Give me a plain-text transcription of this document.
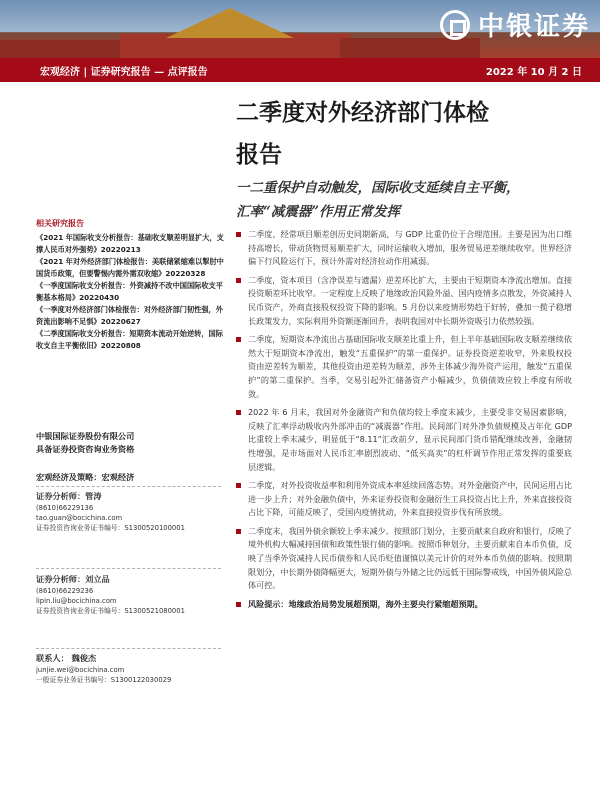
中银证券
宏观经济 | 证券研究报告 — 点评报告	2022 年 10 月 2 日
二季度对外经济部门体检
报告
一二重保护自动触发，国际收支延续自主平衡，
汇率“减震器”作用正常发挥
相关研究报告
《2021 年国际收支分析报告：基础收支顺差明显扩大，支撑人民币对外强势》20220213
《2021 年对外经济部门体检报告：美联储紧缩难以掣肘中国货币政策，但要警惕内需外需双收缩》20220328
《一季度国际收支分析报告：外资减持不改中国国际收支平衡基本格局》20220430
《一季度对外经济部门体检报告：对外经济部门韧性强，外资流出影响不足惧》20220627
《二季度国际收支分析报告：短期资本流动开始逆转，国际收支自主平衡依旧》20220808
中银国际证券股份有限公司
具备证券投资咨询业务资格
宏观经济及策略：宏观经济
证券分析师：管涛
(8610)66229136
tao.guan@bocichina.com
证券投资咨询业务证书编号：S1300520100001
证券分析师：刘立品
(8610)66229236
lipin.liu@bocichina.com
证券投资咨询业务证书编号：S1300521080001
联系人： 魏俊杰
junjie.wei@bocichina.com
一般证券业务证书编号：S1300122030029
二季度，经常项目顺差创历史同期新高，与 GDP 比重仍位于合理范围。主要是因为出口维持高增长，带动货物贸易顺差扩大，同时运输收入增加，服务贸易逆差继续收窄。世界经济偏下行风险运行下，预计外需对经济拉动作用减弱。
二季度，资本项目（含净误差与遗漏）逆差环比扩大，主要由于短期资本净流出增加。直接投资顺差环比收窄。一定程度上反映了地缘政治风险外溢、国内疫情多点散发，外资减持人民币资产，外商直接股权投资下降的影响。5 月份以来疫情形势趋于好转，叠加一揽子稳增长政策发力，实际利用外资额逐渐回升，表明我国对中长期外资吸引力依然较强。
二季度，短期资本净流出占基础国际收支顺差比重上升，但上半年基础国际收支顺差继续依然大于短期资本净流出，触发“五重保护”的第一重保护。证券投资逆差收窄，外来股权投资由逆差转为顺差，其他投资由逆差转为顺差，涉外主体减少海外资产运用，触发“五重保护”的第二重保护。当季，交易引起外汇储备资产小幅减少，负债债效应较上季度有所收敛。
2022 年 6 月末，我国对外金融资产和负债均较上季度末减少，主要受非交易因素影响，反映了汇率浮动吸收内外部冲击的“减震器”作用。民间部门对外净负债规模及占年化 GDP 比重较上季末减少，明显低于“8.11”汇改前夕，显示民间部门货币错配继续改善，金融韧性增强，是市场面对人民币汇率剧烈波动、“低买高卖”的杠杆调节作用正常发挥的重要底层逻辑。
二季度，对外投资收益率和利用外资成本率延续回落态势。对外金融资产中，民间运用占比进一步上升；对外金融负债中，外来证券投资和金融衍生工具投资占比上升，外来直接投资占比下降，可能反映了，受国内疫情扰动，外来直接投资步伐有所放缓。
二季度末，我国外债余额较上季末减少。按照部门划分，主要贡献来自政府和银行，反映了境外机构大幅减持国债和政策性银行债的影响。按照币种划分，主要贡献来自本币负债，反映了当季外资减持人民币债券和人民币贬值谨慎以美元计价的对外本币负债的影响。按照期限划分，中长期外债降幅更大，短期外债与外储之比仍远低于国际警戒线，中国外债风险总体可控。
风险提示：地缘政治局势发展超预期，海外主要央行紧缩超预期。
